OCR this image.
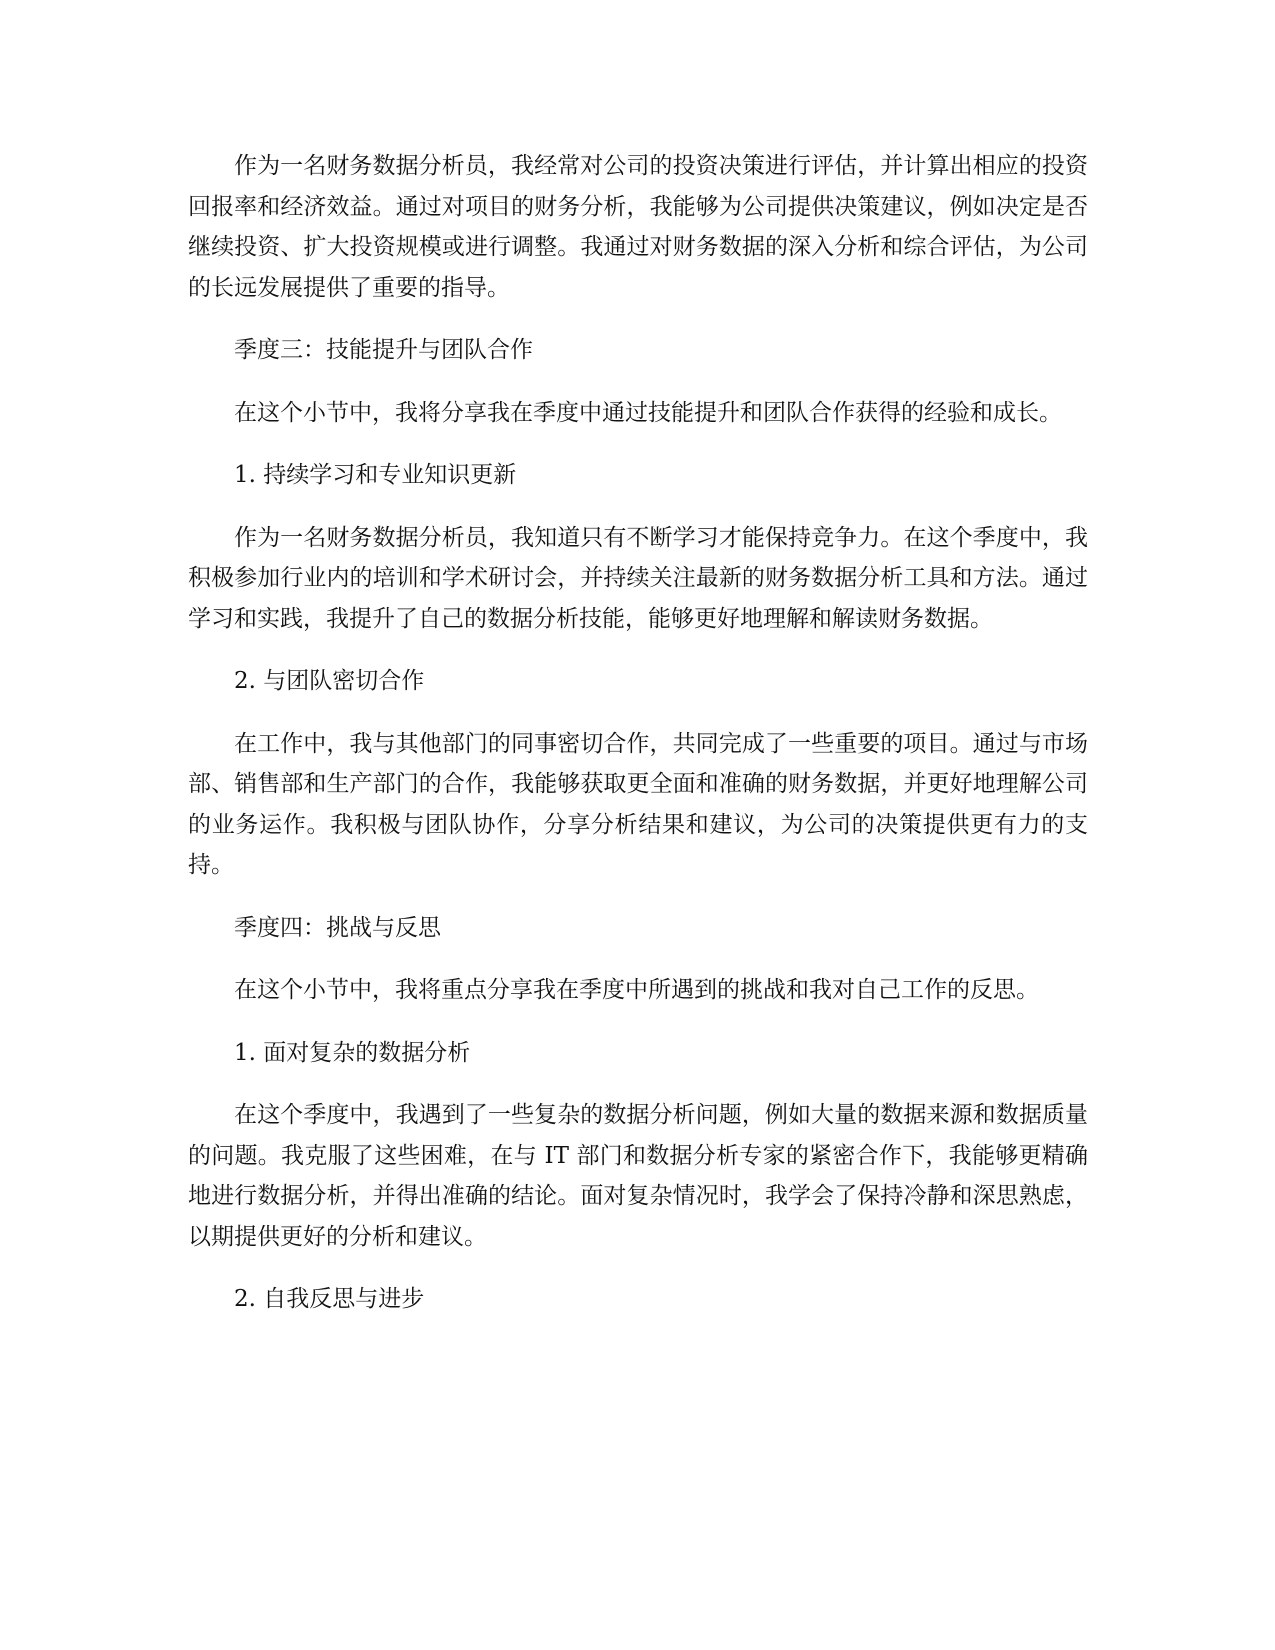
作为一名财务数据分析员，我经常对公司的投资决策进行评估，并计算出相应的投资回报率和经济效益。通过对项目的财务分析，我能够为公司提供决策建议，例如决定是否继续投资、扩大投资规模或进行调整。我通过对财务数据的深入分析和综合评估，为公司的长远发展提供了重要的指导。

季度三：技能提升与团队合作

在这个小节中，我将分享我在季度中通过技能提升和团队合作获得的经验和成长。

1. 持续学习和专业知识更新

作为一名财务数据分析员，我知道只有不断学习才能保持竞争力。在这个季度中，我积极参加行业内的培训和学术研讨会，并持续关注最新的财务数据分析工具和方法。通过学习和实践，我提升了自己的数据分析技能，能够更好地理解和解读财务数据。

2. 与团队密切合作

在工作中，我与其他部门的同事密切合作，共同完成了一些重要的项目。通过与市场部、销售部和生产部门的合作，我能够获取更全面和准确的财务数据，并更好地理解公司的业务运作。我积极与团队协作，分享分析结果和建议，为公司的决策提供更有力的支持。

季度四：挑战与反思

在这个小节中，我将重点分享我在季度中所遇到的挑战和我对自己工作的反思。

1. 面对复杂的数据分析

在这个季度中，我遇到了一些复杂的数据分析问题，例如大量的数据来源和数据质量的问题。我克服了这些困难，在与 IT 部门和数据分析专家的紧密合作下，我能够更精确地进行数据分析，并得出准确的结论。面对复杂情况时，我学会了保持冷静和深思熟虑，以期提供更好的分析和建议。

2. 自我反思与进步
